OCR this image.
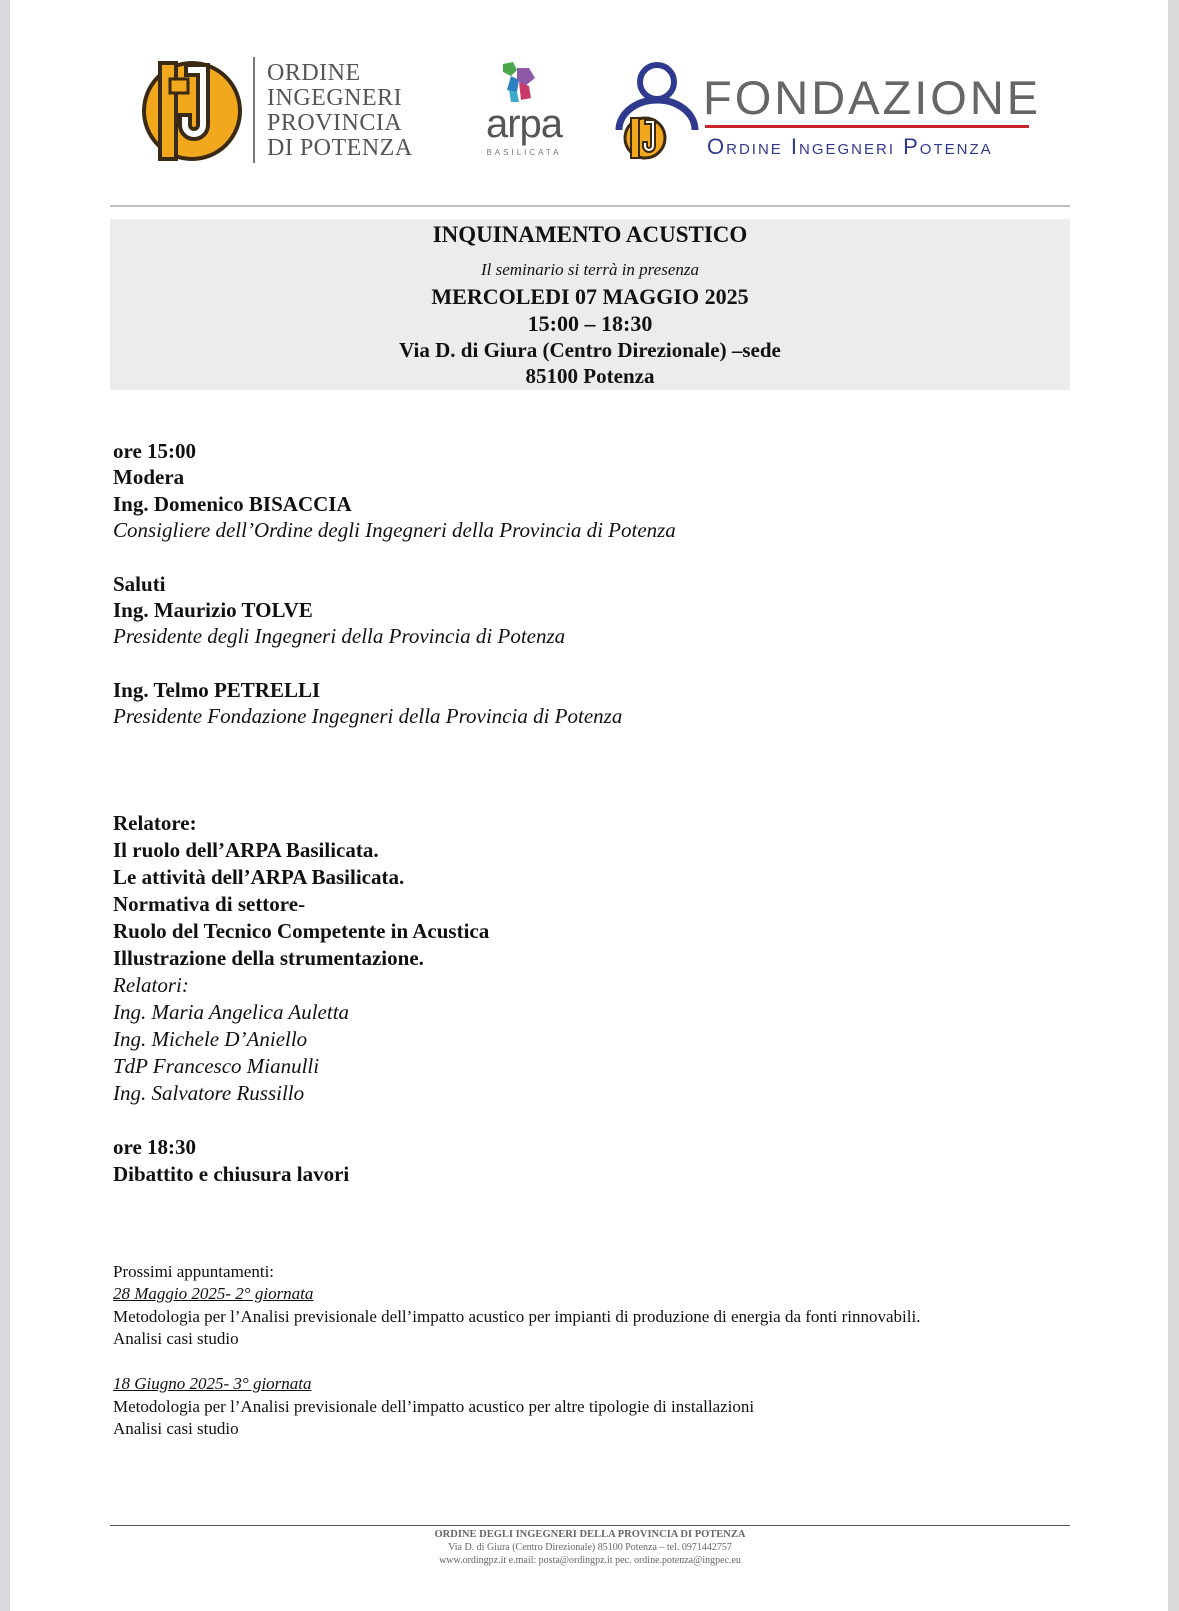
ORDINE
INGEGNERI
PROVINCIA
DI POTENZA
arpa
BASILICATA
FONDAZIONE
Ordine Ingegneri Potenza
INQUINAMENTO ACUSTICO
Il seminario si terrà in presenza
MERCOLEDI 07 MAGGIO 2025
15:00 – 18:30
Via D. di Giura (Centro Direzionale) –sede
85100 Potenza
ore 15:00
Modera
Ing. Domenico BISACCIA
Consigliere dell’Ordine degli Ingegneri della Provincia di Potenza
Saluti
Ing. Maurizio TOLVE
Presidente degli Ingegneri della Provincia di Potenza
Ing. Telmo PETRELLI
Presidente Fondazione Ingegneri della Provincia di Potenza
Relatore:
Il ruolo dell’ARPA Basilicata.
Le attività dell’ARPA Basilicata.
Normativa di settore-
Ruolo del Tecnico Competente in Acustica
Illustrazione della strumentazione.
Relatori:
Ing. Maria Angelica Auletta
Ing. Michele D’Aniello
TdP Francesco Mianulli
Ing. Salvatore Russillo
ore 18:30
Dibattito e chiusura lavori
Prossimi appuntamenti:
28 Maggio 2025- 2° giornata
Metodologia per l’Analisi previsionale dell’impatto acustico per impianti di produzione di energia da fonti rinnovabili.
Analisi casi studio
18 Giugno 2025- 3° giornata
Metodologia per l’Analisi previsionale dell’impatto acustico per altre tipologie di installazioni
Analisi casi studio
ORDINE DEGLI INGEGNERI DELLA PROVINCIA DI POTENZA
Via D. di Giura (Centro Direzionale) 85100 Potenza – tel. 0971442757
www.ordingpz.it e.mail: posta@ordingpz.it pec. ordine.potenza@ingpec.eu
